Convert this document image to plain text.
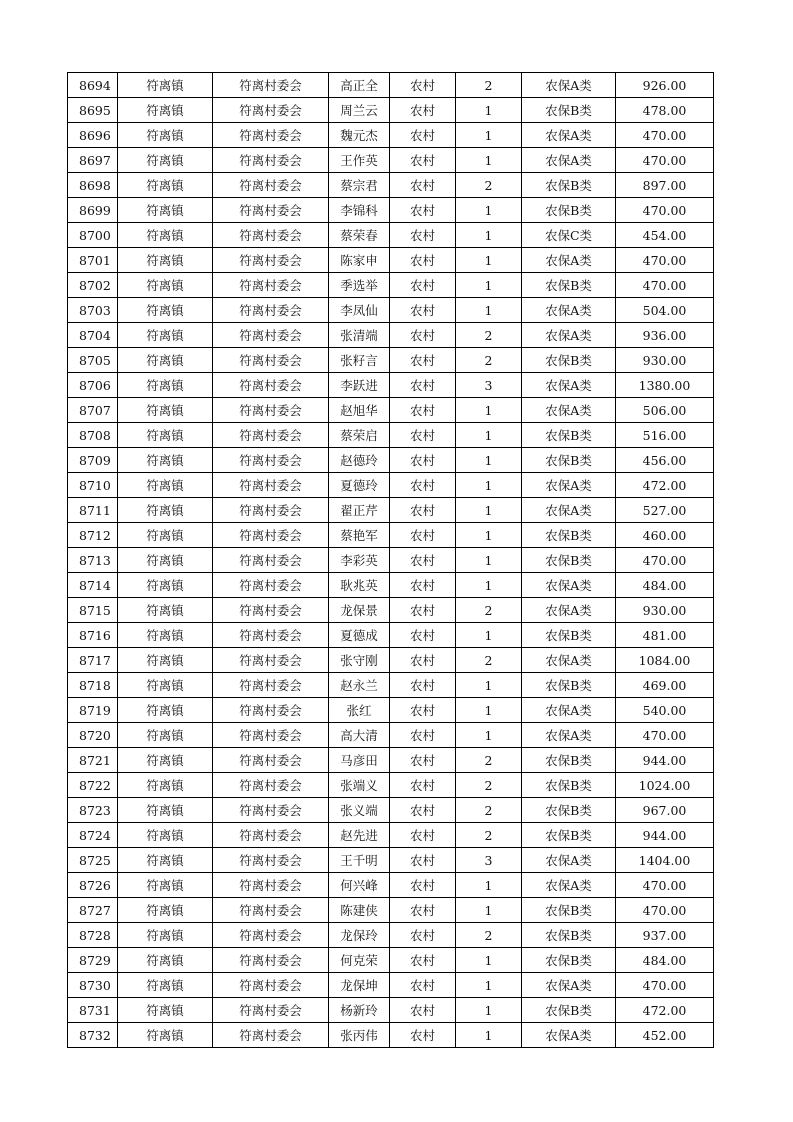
8694	符离镇	符离村委会	高正全	农村	2	农保A类	926.00
8695	符离镇	符离村委会	周兰云	农村	1	农保B类	478.00
8696	符离镇	符离村委会	魏元杰	农村	1	农保A类	470.00
8697	符离镇	符离村委会	王作英	农村	1	农保A类	470.00
8698	符离镇	符离村委会	蔡宗君	农村	2	农保B类	897.00
8699	符离镇	符离村委会	李锦科	农村	1	农保B类	470.00
8700	符离镇	符离村委会	蔡荣春	农村	1	农保C类	454.00
8701	符离镇	符离村委会	陈家申	农村	1	农保A类	470.00
8702	符离镇	符离村委会	季选举	农村	1	农保B类	470.00
8703	符离镇	符离村委会	李凤仙	农村	1	农保A类	504.00
8704	符离镇	符离村委会	张清端	农村	2	农保A类	936.00
8705	符离镇	符离村委会	张籽言	农村	2	农保B类	930.00
8706	符离镇	符离村委会	李跃进	农村	3	农保A类	1380.00
8707	符离镇	符离村委会	赵旭华	农村	1	农保A类	506.00
8708	符离镇	符离村委会	蔡荣启	农村	1	农保B类	516.00
8709	符离镇	符离村委会	赵德玲	农村	1	农保B类	456.00
8710	符离镇	符离村委会	夏德玲	农村	1	农保A类	472.00
8711	符离镇	符离村委会	翟正芹	农村	1	农保A类	527.00
8712	符离镇	符离村委会	蔡艳军	农村	1	农保B类	460.00
8713	符离镇	符离村委会	李彩英	农村	1	农保B类	470.00
8714	符离镇	符离村委会	耿兆英	农村	1	农保A类	484.00
8715	符离镇	符离村委会	龙保景	农村	2	农保A类	930.00
8716	符离镇	符离村委会	夏德成	农村	1	农保B类	481.00
8717	符离镇	符离村委会	张守刚	农村	2	农保A类	1084.00
8718	符离镇	符离村委会	赵永兰	农村	1	农保B类	469.00
8719	符离镇	符离村委会	张红	农村	1	农保A类	540.00
8720	符离镇	符离村委会	高大清	农村	1	农保A类	470.00
8721	符离镇	符离村委会	马彦田	农村	2	农保B类	944.00
8722	符离镇	符离村委会	张端义	农村	2	农保B类	1024.00
8723	符离镇	符离村委会	张义端	农村	2	农保B类	967.00
8724	符离镇	符离村委会	赵先进	农村	2	农保B类	944.00
8725	符离镇	符离村委会	王千明	农村	3	农保A类	1404.00
8726	符离镇	符离村委会	何兴峰	农村	1	农保A类	470.00
8727	符离镇	符离村委会	陈建侠	农村	1	农保B类	470.00
8728	符离镇	符离村委会	龙保玲	农村	2	农保B类	937.00
8729	符离镇	符离村委会	何克荣	农村	1	农保B类	484.00
8730	符离镇	符离村委会	龙保坤	农村	1	农保A类	470.00
8731	符离镇	符离村委会	杨新玲	农村	1	农保B类	472.00
8732	符离镇	符离村委会	张丙伟	农村	1	农保A类	452.00
